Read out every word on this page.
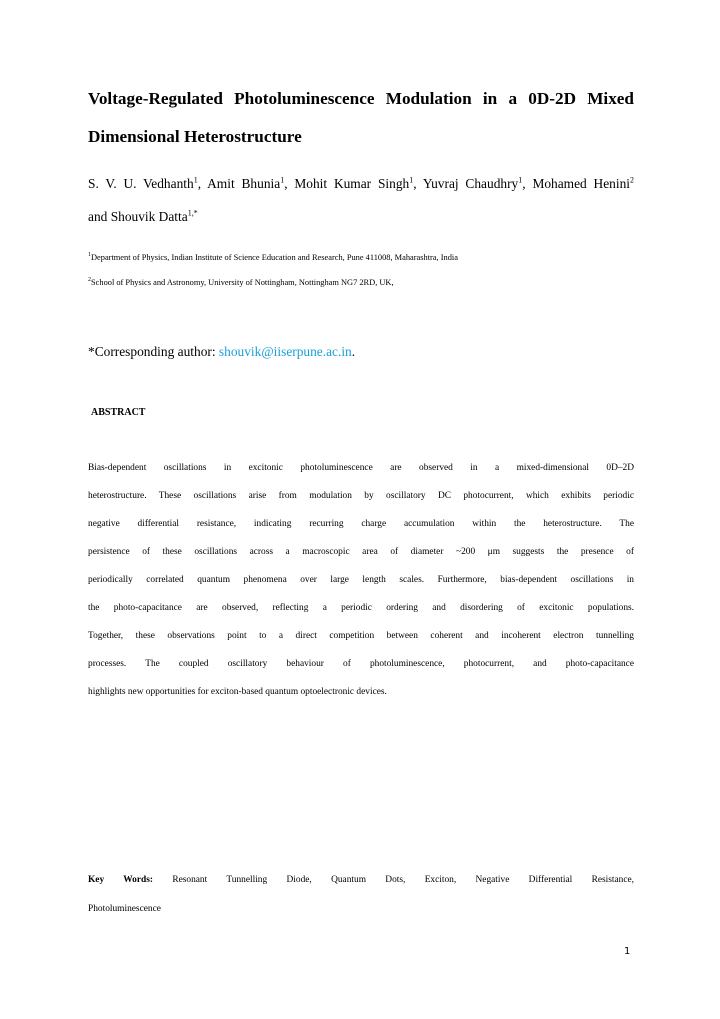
Voltage-Regulated Photoluminescence Modulation in a 0D-2D Mixed
Dimensional Heterostructure
S. V. U. Vedhanth$^1$, Amit Bhunia$^1$, Mohit Kumar Singh$^1$, Yuvraj Chaudhry$^1$, Mohamed Henini$^2$
and Shouvik Datta$^{1,*}$
$^1$Department of Physics, Indian Institute of Science Education and Research, Pune 411008, Maharashtra, India
$^2$School of Physics and Astronomy, University of Nottingham, Nottingham NG7 2RD, UK,
*Corresponding author: shouvik@iiserpune.ac.in.
ABSTRACT
Bias-dependent oscillations in excitonic photoluminescence are observed in a mixed-dimensional 0D–2D
heterostructure. These oscillations arise from modulation by oscillatory DC photocurrent, which exhibits periodic
negative differential resistance, indicating recurring charge accumulation within the heterostructure. The
persistence of these oscillations across a macroscopic area of diameter ~200 μm suggests the presence of
periodically correlated quantum phenomena over large length scales. Furthermore, bias-dependent oscillations in
the photo-capacitance are observed, reflecting a periodic ordering and disordering of excitonic populations.
Together, these observations point to a direct competition between coherent and incoherent electron tunnelling
processes. The coupled oscillatory behaviour of photoluminescence, photocurrent, and photo-capacitance
highlights new opportunities for exciton-based quantum optoelectronic devices.
Key Words: Resonant Tunnelling Diode, Quantum Dots, Exciton, Negative Differential Resistance,
Photoluminescence
1
